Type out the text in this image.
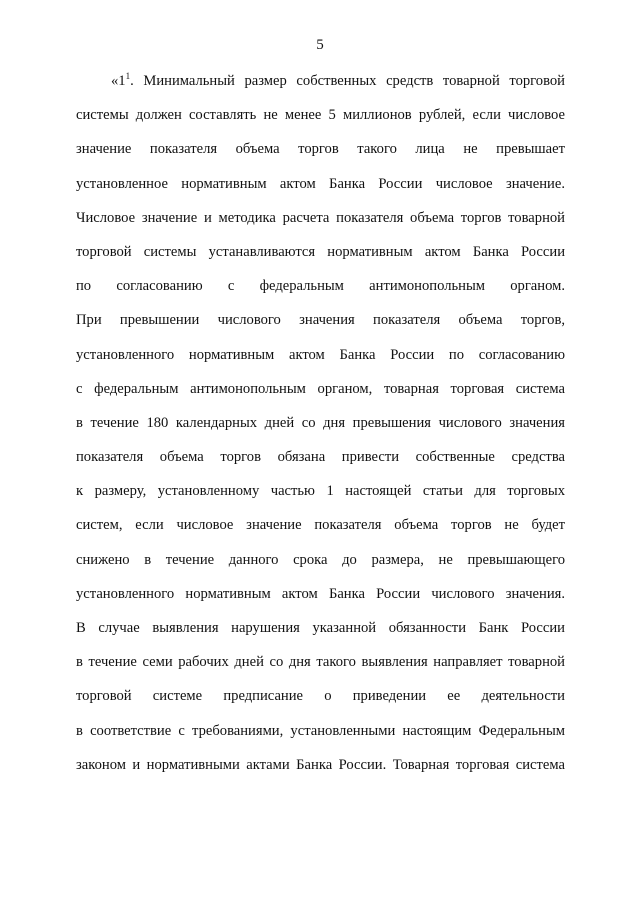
5
«$1^1$. Минимальный размер собственных средств товарной торговой
системы должен составлять не менее 5 миллионов рублей, если числовое
значение показателя объема торгов такого лица не превышает
установленное нормативным актом Банка России числовое значение.
Числовое значение и методика расчета показателя объема торгов товарной
торговой системы устанавливаются нормативным актом Банка России
по согласованию с федеральным антимонопольным органом.
При превышении числового значения показателя объема торгов,
установленного нормативным актом Банка России по согласованию
с федеральным антимонопольным органом, товарная торговая система
в течение 180 календарных дней со дня превышения числового значения
показателя объема торгов обязана привести собственные средства
к размеру, установленному частью 1 настоящей статьи для торговых
систем, если числовое значение показателя объема торгов не будет
снижено в течение данного срока до размера, не превышающего
установленного нормативным актом Банка России числового значения.
В случае выявления нарушения указанной обязанности Банк России
в течение семи рабочих дней со дня такого выявления направляет товарной
торговой системе предписание о приведении ее деятельности
в соответствие с требованиями, установленными настоящим Федеральным
законом и нормативными актами Банка России. Товарная торговая система
